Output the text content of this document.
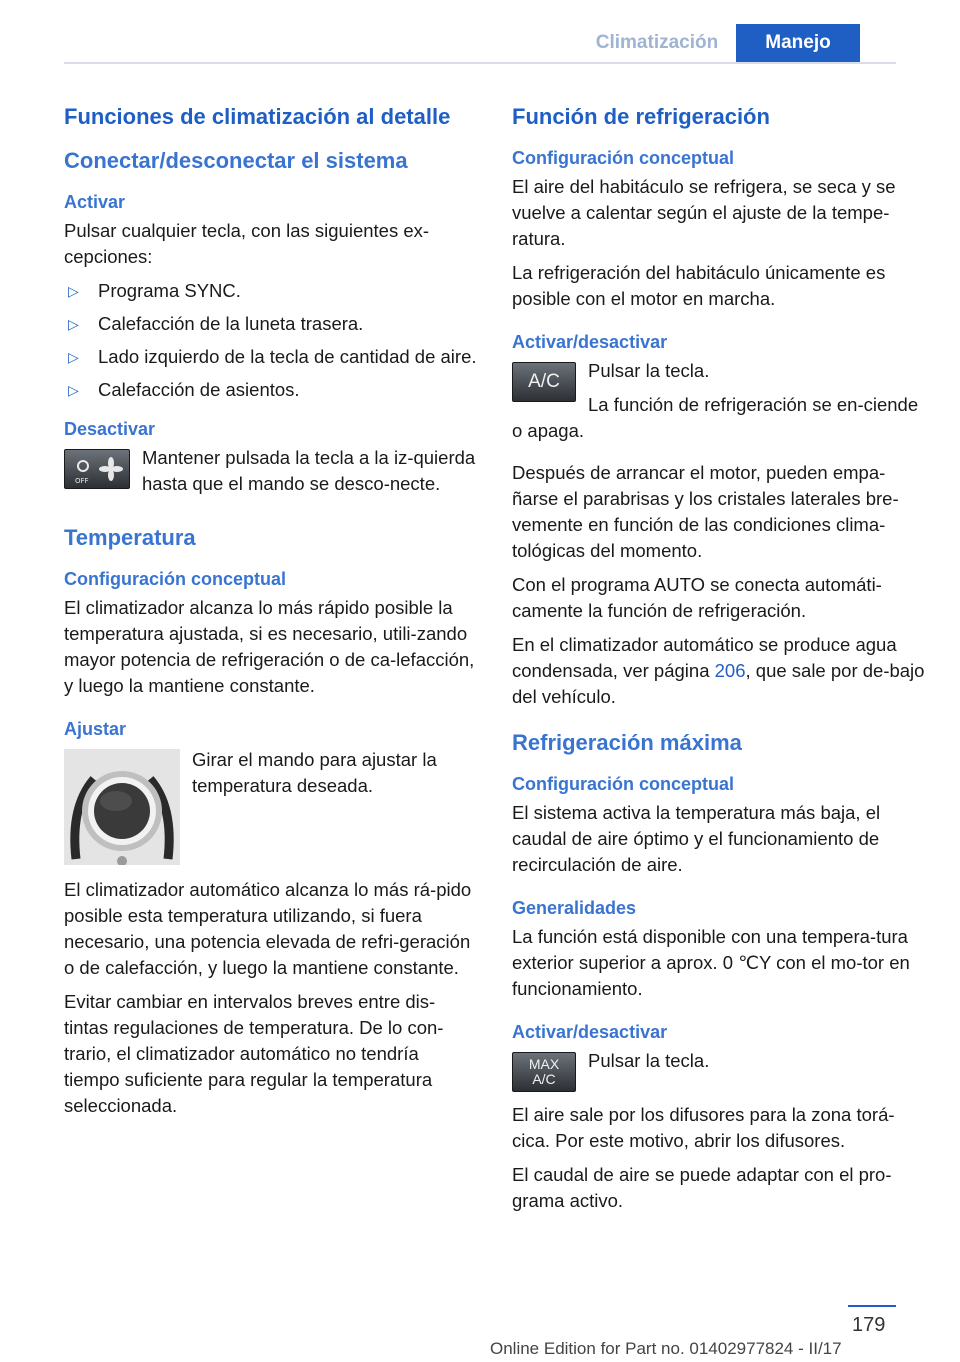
Climatización	Manejo
Funciones de climatización al detalle
Conectar/desconectar el sistema
Activar
Pulsar cualquier tecla, con las siguientes ex-cepciones:
▷ Programa SYNC.
▷ Calefacción de la luneta trasera.
▷ Lado izquierdo de la tecla de cantidad de aire.
▷ Calefacción de asientos.
Desactivar
OFF
Mantener pulsada la tecla a la iz-quierda hasta que el mando se desco-necte.
Temperatura
Configuración conceptual
El climatizador alcanza lo más rápido posible la temperatura ajustada, si es necesario, utili-zando mayor potencia de refrigeración o de ca-lefacción, y luego la mantiene constante.
Ajustar
Girar el mando para ajustar la temperatura deseada.
El climatizador automático alcanza lo más rá-pido posible esta temperatura utilizando, si fuera necesario, una potencia elevada de refri-geración o de calefacción, y luego la mantiene constante.
Evitar cambiar en intervalos breves entre dis-tintas regulaciones de temperatura. De lo con-trario, el climatizador automático no tendría tiempo suficiente para regular la temperatura seleccionada.
Función de refrigeración
Configuración conceptual
El aire del habitáculo se refrigera, se seca y se vuelve a calentar según el ajuste de la tempe-ratura.
La refrigeración del habitáculo únicamente es posible con el motor en marcha.
Activar/desactivar
A/C
Pulsar la tecla.
La función de refrigeración se en-ciende o apaga.
Después de arrancar el motor, pueden empa-ñarse el parabrisas y los cristales laterales bre-vemente en función de las condiciones clima-tológicas del momento.
Con el programa AUTO se conecta automáti-camente la función de refrigeración.
En el climatizador automático se produce agua condensada, ver página 206, que sale por de-bajo del vehículo.
Refrigeración máxima
Configuración conceptual
El sistema activa la temperatura más baja, el caudal de aire óptimo y el funcionamiento de recirculación de aire.
Generalidades
La función está disponible con una tempera-tura exterior superior a aprox. 0 ℃Y con el mo-tor en funcionamiento.
Activar/desactivar
MAX
A/C
Pulsar la tecla.
El aire sale por los difusores para la zona torá-cica. Por este motivo, abrir los difusores.
El caudal de aire se puede adaptar con el pro-grama activo.
179
Online Edition for Part no. 01402977824 - II/17
